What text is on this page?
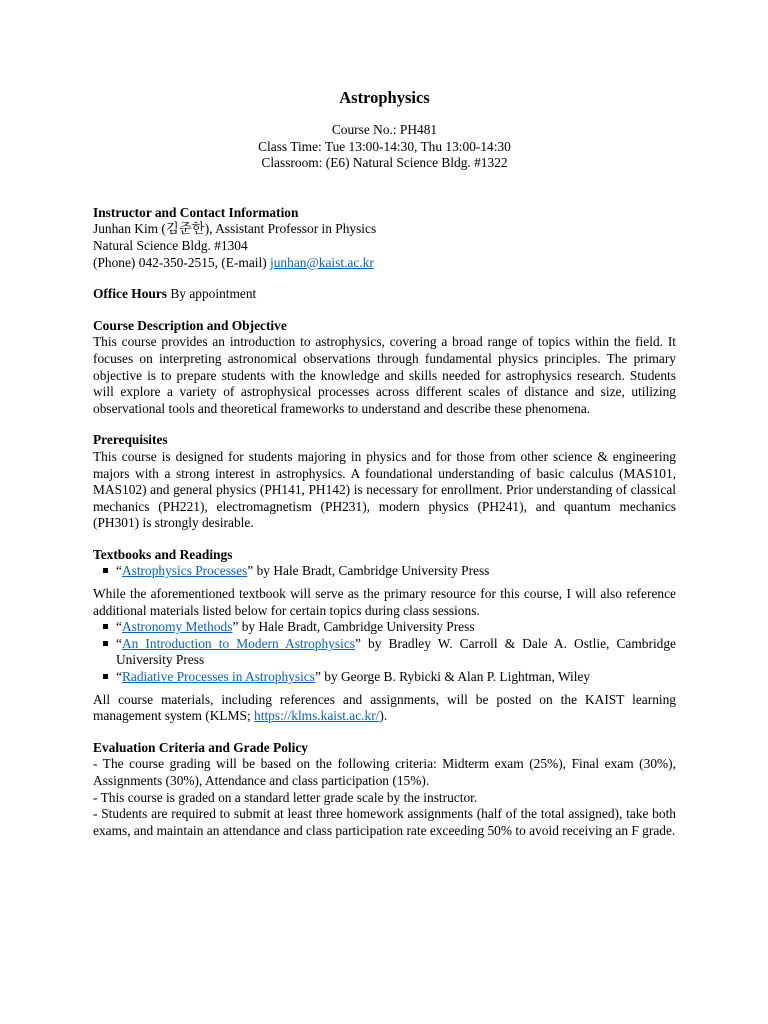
Astrophysics
Course No.: PH481
Class Time: Tue 13:00-14:30, Thu 13:00-14:30
Classroom: (E6) Natural Science Bldg. #1322
Instructor and Contact Information
Junhan Kim (김준한), Assistant Professor in Physics
Natural Science Bldg. #1304
(Phone) 042-350-2515, (E-mail) junhan@kaist.ac.kr
Office Hours By appointment
Course Description and Objective
This course provides an introduction to astrophysics, covering a broad range of topics within the field. It focuses on interpreting astronomical observations through fundamental physics principles. The primary objective is to prepare students with the knowledge and skills needed for astrophysics research. Students will explore a variety of astrophysical processes across different scales of distance and size, utilizing observational tools and theoretical frameworks to understand and describe these phenomena.
Prerequisites
This course is designed for students majoring in physics and for those from other science & engineering majors with a strong interest in astrophysics. A foundational understanding of basic calculus (MAS101, MAS102) and general physics (PH141, PH142) is necessary for enrollment. Prior understanding of classical mechanics (PH221), electromagnetism (PH231), modern physics (PH241), and quantum mechanics (PH301) is strongly desirable.
Textbooks and Readings
“Astrophysics Processes” by Hale Bradt, Cambridge University Press
While the aforementioned textbook will serve as the primary resource for this course, I will also reference additional materials listed below for certain topics during class sessions.
“Astronomy Methods” by Hale Bradt, Cambridge University Press
“An Introduction to Modern Astrophysics” by Bradley W. Carroll & Dale A. Ostlie, Cambridge University Press
“Radiative Processes in Astrophysics” by George B. Rybicki & Alan P. Lightman, Wiley
All course materials, including references and assignments, will be posted on the KAIST learning management system (KLMS; https://klms.kaist.ac.kr/).
Evaluation Criteria and Grade Policy
- The course grading will be based on the following criteria: Midterm exam (25%), Final exam (30%), Assignments (30%), Attendance and class participation (15%).
- This course is graded on a standard letter grade scale by the instructor.
- Students are required to submit at least three homework assignments (half of the total assigned), take both exams, and maintain an attendance and class participation rate exceeding 50% to avoid receiving an F grade.
